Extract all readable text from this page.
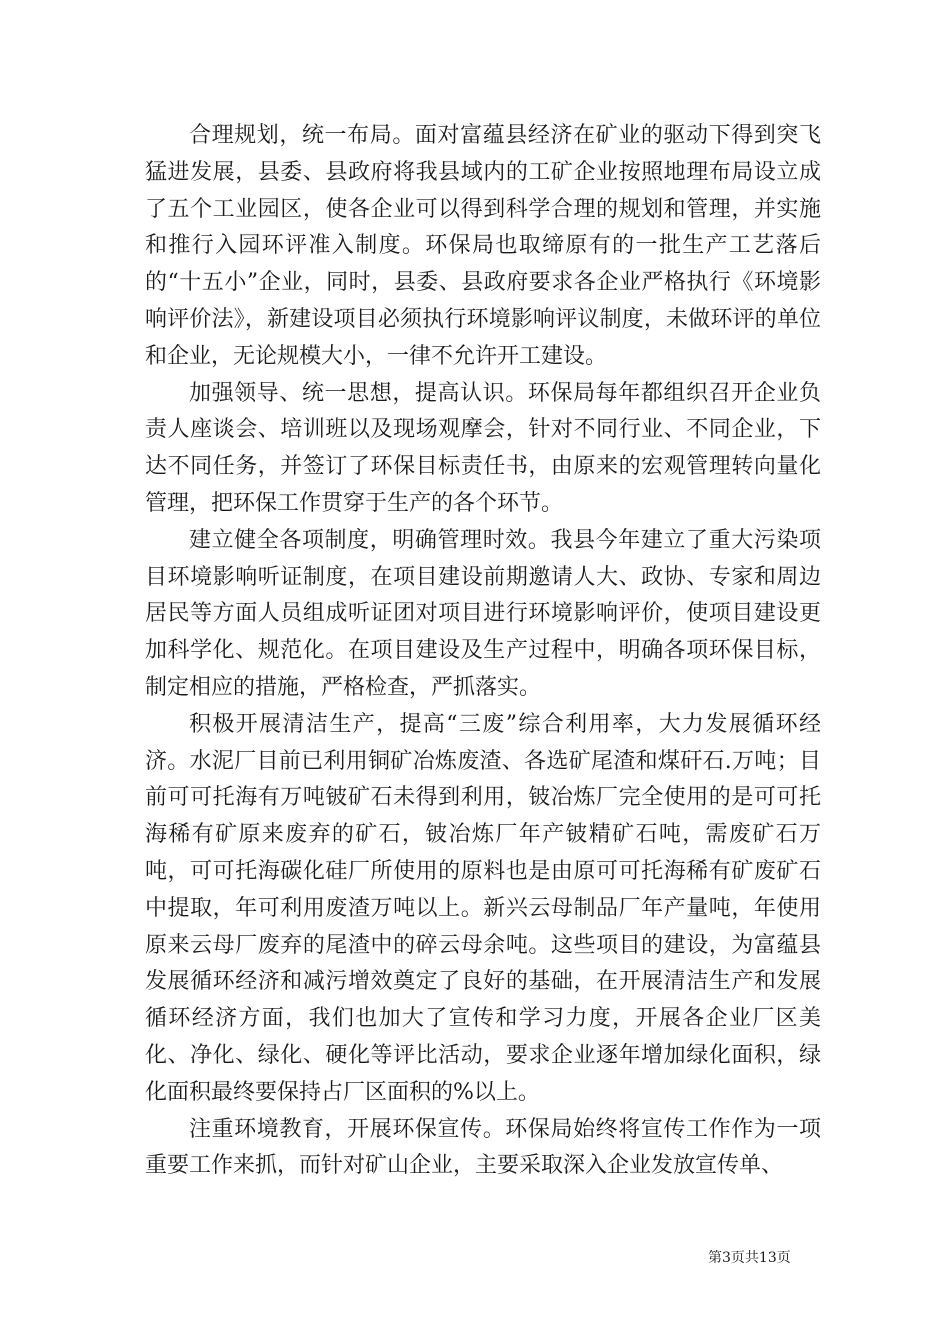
合理规划，统一布局。面对富蕴县经济在矿业的驱动下得到突飞猛进发展，县委、县政府将我县域内的工矿企业按照地理布局设立成了五个工业园区，使各企业可以得到科学合理的规划和管理，并实施和推行入园环评准入制度。环保局也取缔原有的一批生产工艺落后的“十五小”企业，同时，县委、县政府要求各企业严格执行《环境影响评价法》，新建设项目必须执行环境影响评议制度，未做环评的单位和企业，无论规模大小，一律不允许开工建设。

加强领导、统一思想，提高认识。环保局每年都组织召开企业负责人座谈会、培训班以及现场观摩会，针对不同行业、不同企业，下达不同任务，并签订了环保目标责任书，由原来的宏观管理转向量化管理，把环保工作贯穿于生产的各个环节。

建立健全各项制度，明确管理时效。我县今年建立了重大污染项目环境影响听证制度，在项目建设前期邀请人大、政协、专家和周边居民等方面人员组成听证团对项目进行环境影响评价，使项目建设更加科学化、规范化。在项目建设及生产过程中，明确各项环保目标，制定相应的措施，严格检查，严抓落实。

积极开展清洁生产，提高“三废”综合利用率，大力发展循环经济。水泥厂目前已利用铜矿冶炼废渣、各选矿尾渣和煤矸石.万吨；目前可可托海有万吨铍矿石未得到利用，铍冶炼厂完全使用的是可可托海稀有矿原来废弃的矿石，铍冶炼厂年产铍精矿石吨，需废矿石万吨，可可托海碳化硅厂所使用的原料也是由原可可托海稀有矿废矿石中提取，年可利用废渣万吨以上。新兴云母制品厂年产量吨，年使用原来云母厂废弃的尾渣中的碎云母余吨。这些项目的建设，为富蕴县发展循环经济和减污增效奠定了良好的基础，在开展清洁生产和发展循环经济方面，我们也加大了宣传和学习力度，开展各企业厂区美化、净化、绿化、硬化等评比活动，要求企业逐年增加绿化面积，绿化面积最终要保持占厂区面积的%以上。

注重环境教育，开展环保宣传。环保局始终将宣传工作作为一项重要工作来抓，而针对矿山企业，主要采取深入企业发放宣传单、

第3页共13页
